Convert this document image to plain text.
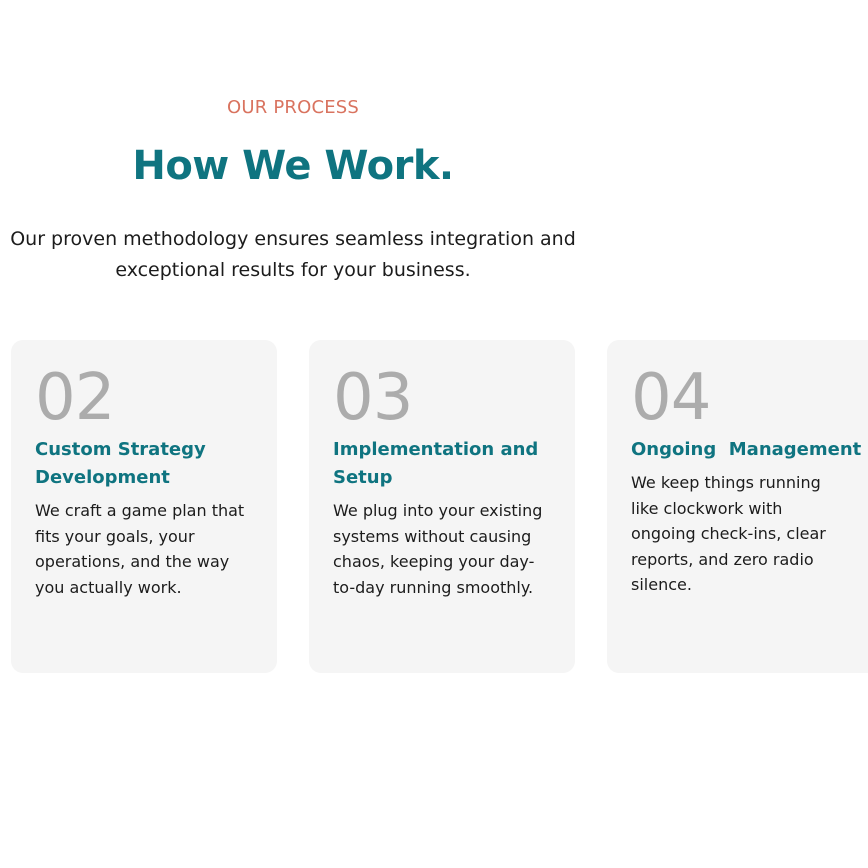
OUR PROCESS
How We Work.

Our proven methodology ensures seamless integration and exceptional results for your business.

02
Custom Strategy Development

We craft a game plan that fits your goals, your operations, and the way you actually work.

03
Implementation and Setup

We plug into your existing systems without causing chaos, keeping your day-to-day running smoothly.

04
Ongoing  Management

We keep things running like clockwork with ongoing check-ins, clear reports, and zero radio silence.
